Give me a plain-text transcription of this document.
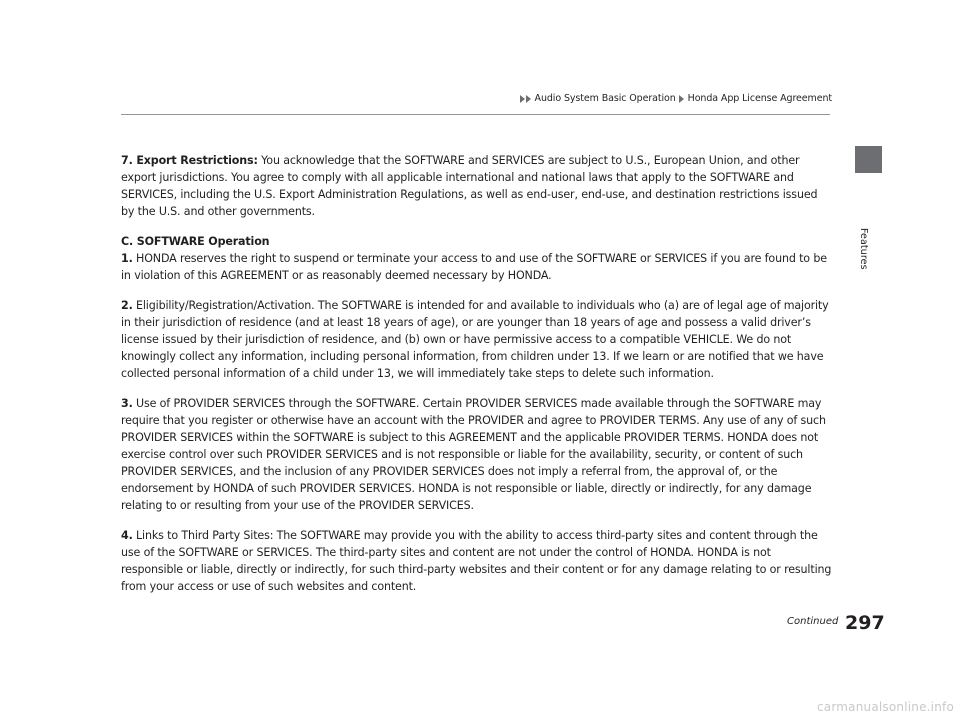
Audio System Basic Operation Honda App License Agreement
Features

7. Export Restrictions: You acknowledge that the SOFTWARE and SERVICES are subject to U.S., European Union, and other export jurisdictions. You agree to comply with all applicable international and national laws that apply to the SOFTWARE and SERVICES, including the U.S. Export Administration Regulations, as well as end-user, end-use, and destination restrictions issued by the U.S. and other governments.

C. SOFTWARE Operation

1. HONDA reserves the right to suspend or terminate your access to and use of the SOFTWARE or SERVICES if you are found to be in violation of this AGREEMENT or as reasonably deemed necessary by HONDA.

2. Eligibility/Registration/Activation. The SOFTWARE is intended for and available to individuals who (a) are of legal age of majority in their jurisdiction of residence (and at least 18 years of age), or are younger than 18 years of age and possess a valid driver’s license issued by their jurisdiction of residence, and (b) own or have permissive access to a compatible VEHICLE. We do not knowingly collect any information, including personal information, from children under 13. If we learn or are notified that we have collected personal information of a child under 13, we will immediately take steps to delete such information.

3. Use of PROVIDER SERVICES through the SOFTWARE. Certain PROVIDER SERVICES made available through the SOFTWARE may require that you register or otherwise have an account with the PROVIDER and agree to PROVIDER TERMS. Any use of any of such PROVIDER SERVICES within the SOFTWARE is subject to this AGREEMENT and the applicable PROVIDER TERMS. HONDA does not exercise control over such PROVIDER SERVICES and is not responsible or liable for the availability, security, or content of such PROVIDER SERVICES, and the inclusion of any PROVIDER SERVICES does not imply a referral from, the approval of, or the endorsement by HONDA of such PROVIDER SERVICES. HONDA is not responsible or liable, directly or indirectly, for any damage relating to or resulting from your use of the PROVIDER SERVICES.

4. Links to Third Party Sites: The SOFTWARE may provide you with the ability to access third-party sites and content through the use of the SOFTWARE or SERVICES. The third-party sites and content are not under the control of HONDA. HONDA is not responsible or liable, directly or indirectly, for such third-party websites and their content or for any damage relating to or resulting from your access or use of such websites and content.

Continued 297
carmanualsonline.info
